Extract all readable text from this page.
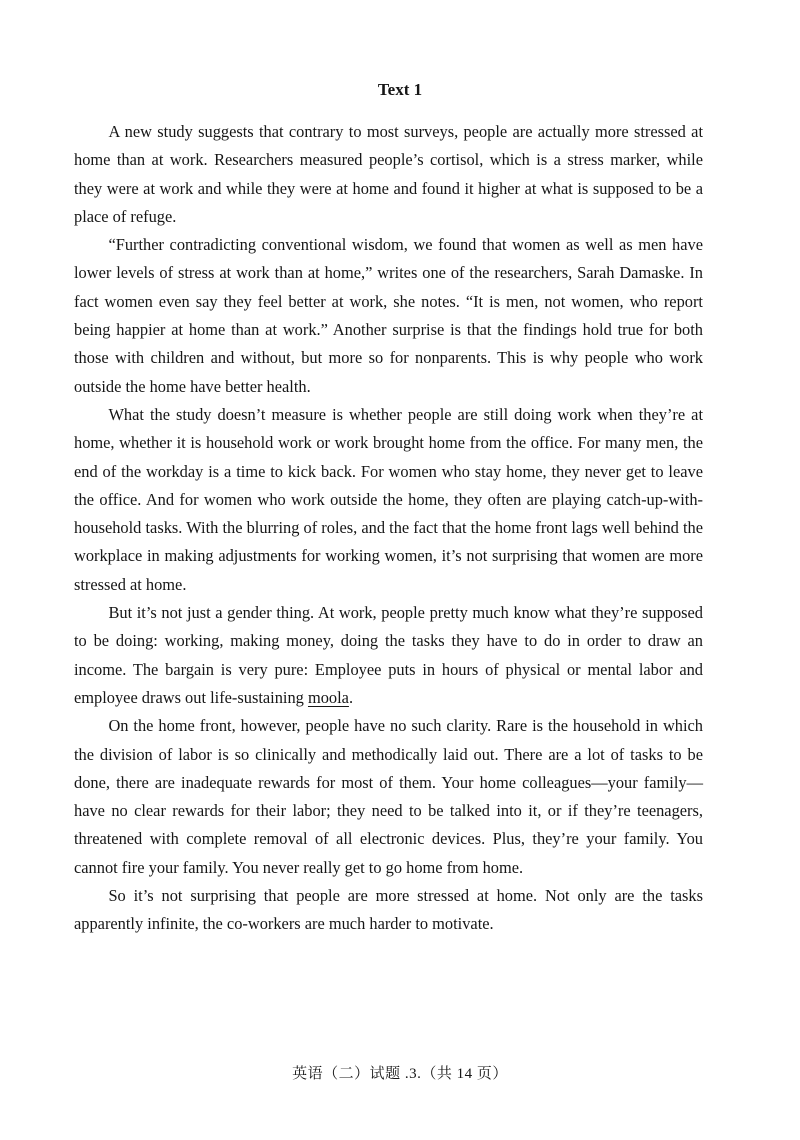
Text 1

A new study suggests that contrary to most surveys, people are actually more stressed at home than at work. Researchers measured people’s cortisol, which is a stress marker, while they were at work and while they were at home and found it higher at what is supposed to be a place of refuge.

“Further contradicting conventional wisdom, we found that women as well as men have lower levels of stress at work than at home,” writes one of the researchers, Sarah Damaske. In fact women even say they feel better at work, she notes. “It is men, not women, who report being happier at home than at work.” Another surprise is that the findings hold true for both those with children and without, but more so for nonparents. This is why people who work outside the home have better health.

What the study doesn’t measure is whether people are still doing work when they’re at home, whether it is household work or work brought home from the office. For many men, the end of the workday is a time to kick back. For women who stay home, they never get to leave the office. And for women who work outside the home, they often are playing catch-up-with-household tasks. With the blurring of roles, and the fact that the home front lags well behind the workplace in making adjustments for working women, it’s not surprising that women are more stressed at home.

But it’s not just a gender thing. At work, people pretty much know what they’re supposed to be doing: working, making money, doing the tasks they have to do in order to draw an income. The bargain is very pure: Employee puts in hours of physical or mental labor and employee draws out life-sustaining moola.

On the home front, however, people have no such clarity. Rare is the household in which the division of labor is so clinically and methodically laid out. There are a lot of tasks to be done, there are inadequate rewards for most of them. Your home colleagues—your family—have no clear rewards for their labor; they need to be talked into it, or if they’re teenagers, threatened with complete removal of all electronic devices. Plus, they’re your family. You cannot fire your family. You never really get to go home from home.

So it’s not surprising that people are more stressed at home. Not only are the tasks apparently infinite, the co-workers are much harder to motivate.

英语（二）试题 .3.（共 14 页）
